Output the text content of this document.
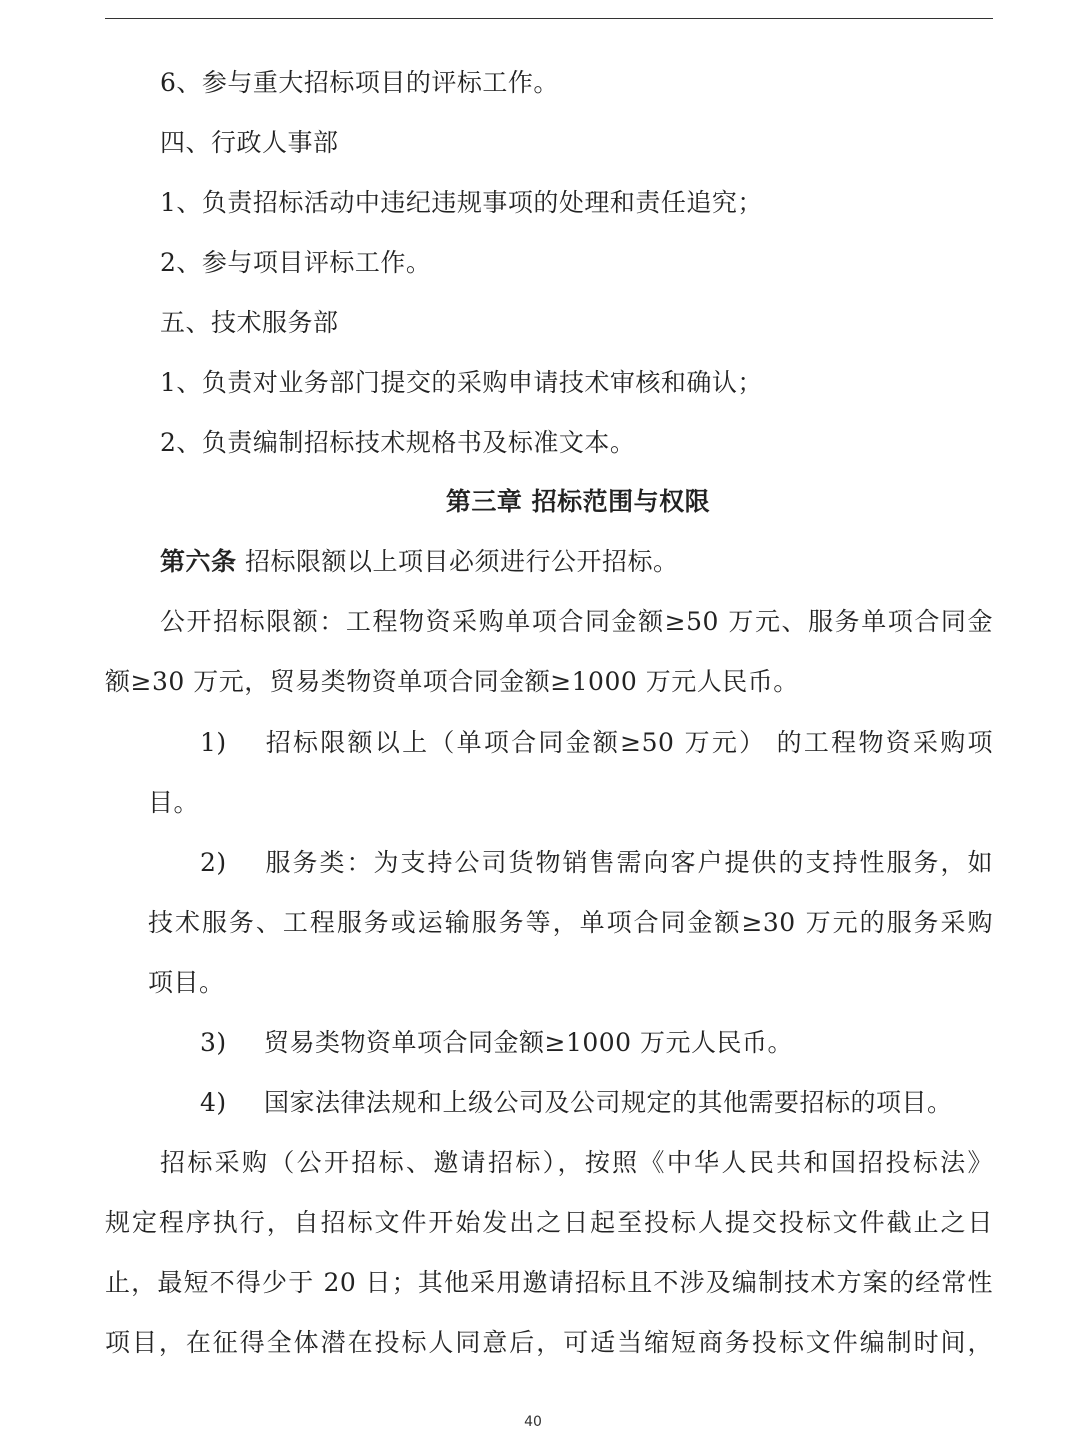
6、参与重大招标项目的评标工作。
四、行政人事部
1、负责招标活动中违纪违规事项的处理和责任追究；
2、参与项目评标工作。
五、技术服务部
1、负责对业务部门提交的采购申请技术审核和确认；
2、负责编制招标技术规格书及标准文本。
第三章 招标范围与权限
第六条 招标限额以上项目必须进行公开招标。
公开招标限额：工程物资采购单项合同金额≥50 万元、服务单项合同金
额≥30 万元，贸易类物资单项合同金额≥1000 万元人民币。
1) 招标限额以上（单项合同金额≥50 万元） 的工程物资采购项
目。
2) 服务类：为支持公司货物销售需向客户提供的支持性服务，如
技术服务、工程服务或运输服务等，单项合同金额≥30 万元的服务采购
项目。
3) 贸易类物资单项合同金额≥1000 万元人民币。
4) 国家法律法规和上级公司及公司规定的其他需要招标的项目。
招标采购（公开招标、邀请招标），按照《中华人民共和国招投标法》
规定程序执行，自招标文件开始发出之日起至投标人提交投标文件截止之日
止，最短不得少于 20 日；其他采用邀请招标且不涉及编制技术方案的经常性
项目，在征得全体潜在投标人同意后，可适当缩短商务投标文件编制时间，
40
